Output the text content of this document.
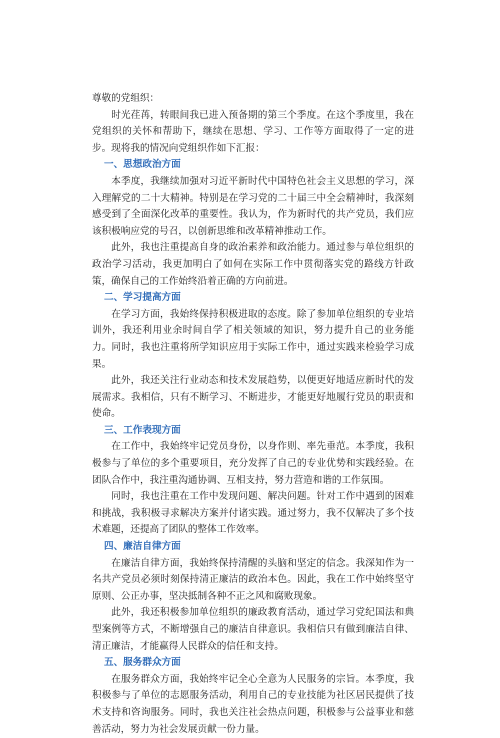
尊敬的党组织：

时光荏苒，转眼间我已进入预备期的第三个季度。在这个季度里，我在党组织的关怀和帮助下，继续在思想、学习、工作等方面取得了一定的进步。现将我的情况向党组织作如下汇报：

一、思想政治方面

本季度，我继续加强对习近平新时代中国特色社会主义思想的学习，深入理解党的二十大精神。特别是在学习党的二十届三中全会精神时，我深刻感受到了全面深化改革的重要性。我认为，作为新时代的共产党员，我们应该积极响应党的号召，以创新思维和改革精神推动工作。

此外，我也注重提高自身的政治素养和政治能力。通过参与单位组织的政治学习活动，我更加明白了如何在实际工作中贯彻落实党的路线方针政策，确保自己的工作始终沿着正确的方向前进。

二、学习提高方面

在学习方面，我始终保持积极进取的态度。除了参加单位组织的专业培训外，我还利用业余时间自学了相关领域的知识，努力提升自己的业务能力。同时，我也注重将所学知识应用于实际工作中，通过实践来检验学习成果。

此外，我还关注行业动态和技术发展趋势，以便更好地适应新时代的发展需求。我相信，只有不断学习、不断进步，才能更好地履行党员的职责和使命。

三、工作表现方面

在工作中，我始终牢记党员身份，以身作则、率先垂范。本季度，我积极参与了单位的多个重要项目，充分发挥了自己的专业优势和实践经验。在团队合作中，我注重沟通协调、互相支持，努力营造和谐的工作氛围。

同时，我也注重在工作中发现问题、解决问题。针对工作中遇到的困难和挑战，我积极寻求解决方案并付诸实践。通过努力，我不仅解决了多个技术难题，还提高了团队的整体工作效率。

四、廉洁自律方面

在廉洁自律方面，我始终保持清醒的头脑和坚定的信念。我深知作为一名共产党员必须时刻保持清正廉洁的政治本色。因此，我在工作中始终坚守原则、公正办事，坚决抵制各种不正之风和腐败现象。

此外，我还积极参加单位组织的廉政教育活动，通过学习党纪国法和典型案例等方式，不断增强自己的廉洁自律意识。我相信只有做到廉洁自律、清正廉洁，才能赢得人民群众的信任和支持。

五、服务群众方面

在服务群众方面，我始终牢记全心全意为人民服务的宗旨。本季度，我积极参与了单位的志愿服务活动，利用自己的专业技能为社区居民提供了技术支持和咨询服务。同时，我也关注社会热点问题，积极参与公益事业和慈善活动，努力为社会发展贡献一份力量。
